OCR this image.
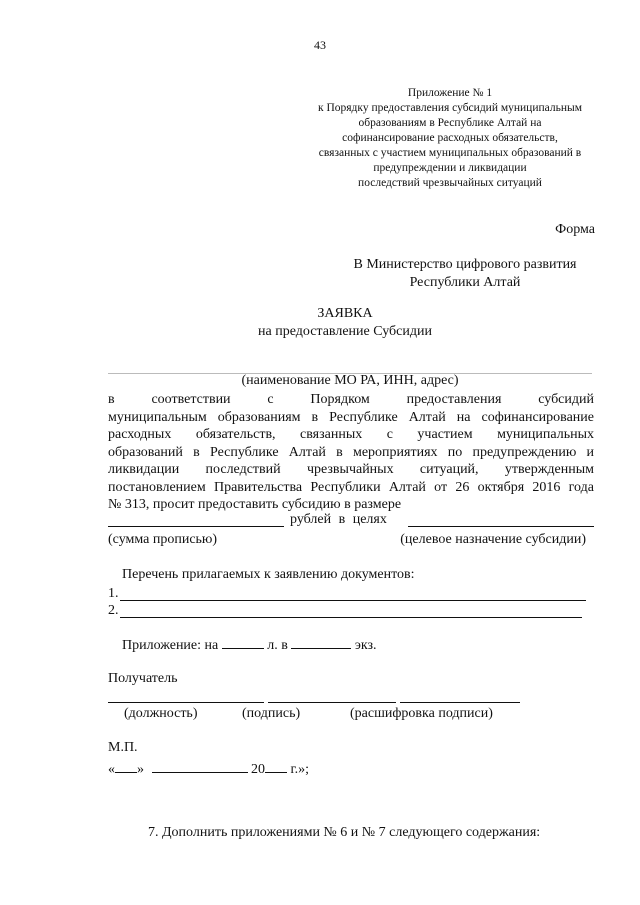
43
Приложение № 1
к Порядку предоставления субсидий муниципальным
образованиям в Республике Алтай на
софинансирование расходных обязательств,
связанных с участием муниципальных образований в
предупреждении и ликвидации
последствий чрезвычайных ситуаций
Форма
В Министерство цифрового развития
Республики Алтай
ЗАЯВКА
на предоставление Субсидии
(наименование МО РА, ИНН, адрес)
в соответствии с Порядком предоставления субсидий
муниципальным образованиям в Республике Алтай на софинансирование
расходных обязательств, связанных с участием муниципальных
образований в Республике Алтай в мероприятиях по предупреждению и
ликвидации последствий чрезвычайных ситуаций, утвержденным
постановлением Правительства Республики Алтай от 26 октября 2016 года
№ 313, просит предоставить субсидию в размере
рублей в целях
(сумма прописью)	(целевое назначение субсидии)
Перечень прилагаемых к заявлению документов:
1.
2.
Приложение: на	л. в	экз.
Получатель
(должность)	(подпись)	(расшифровка подписи)
М.П.
« »	20 г.»;
7. Дополнить приложениями № 6 и № 7 следующего содержания:
